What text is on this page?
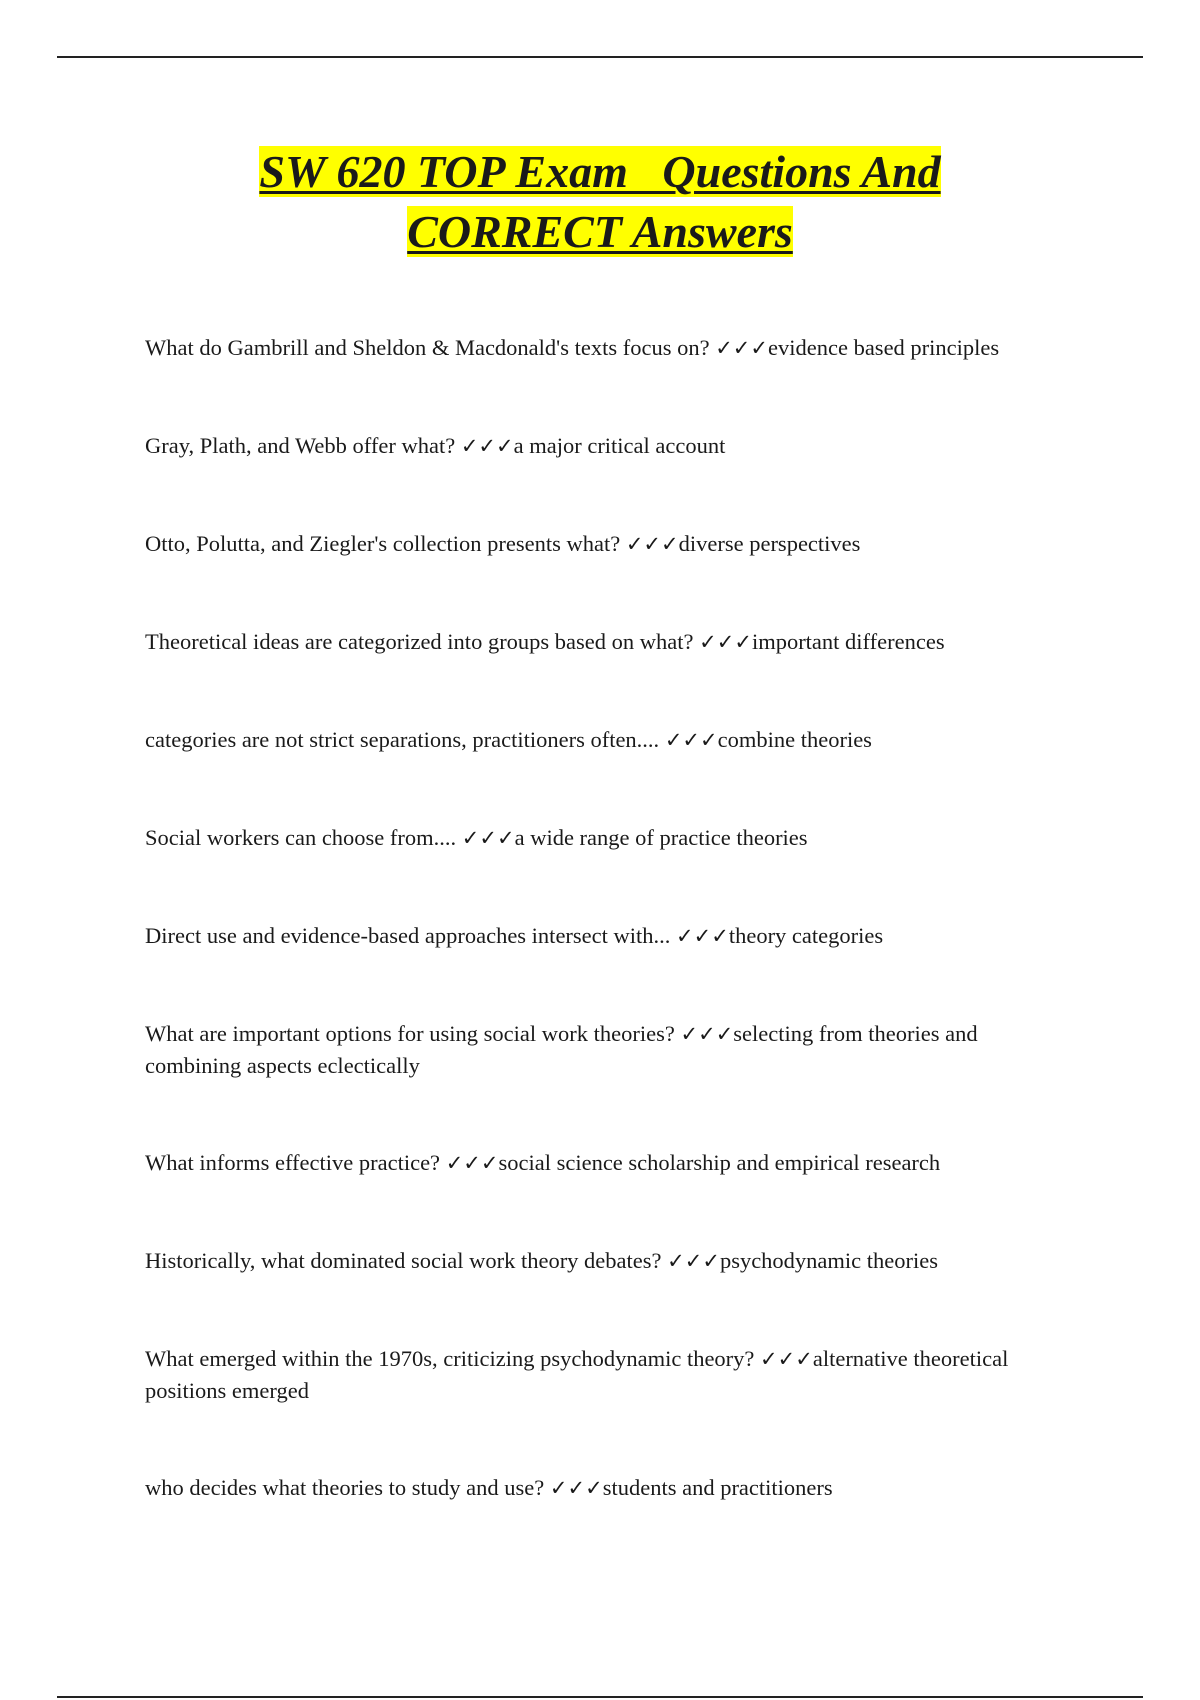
SW 620 TOP Exam   Questions And
CORRECT Answers
What do Gambrill and Sheldon & Macdonald's texts focus on? ✓✓✓evidence based principles
Gray, Plath, and Webb offer what? ✓✓✓a major critical account
Otto, Polutta, and Ziegler's collection presents what? ✓✓✓diverse perspectives
Theoretical ideas are categorized into groups based on what? ✓✓✓important differences
categories are not strict separations, practitioners often.... ✓✓✓combine theories
Social workers can choose from.... ✓✓✓a wide range of practice theories
Direct use and evidence-based approaches intersect with... ✓✓✓theory categories
What are important options for using social work theories? ✓✓✓selecting from theories and combining aspects eclectically
What informs effective practice? ✓✓✓social science scholarship and empirical research
Historically, what dominated social work theory debates? ✓✓✓psychodynamic theories
What emerged within the 1970s, criticizing psychodynamic theory? ✓✓✓alternative theoretical positions emerged
who decides what theories to study and use? ✓✓✓students and practitioners
